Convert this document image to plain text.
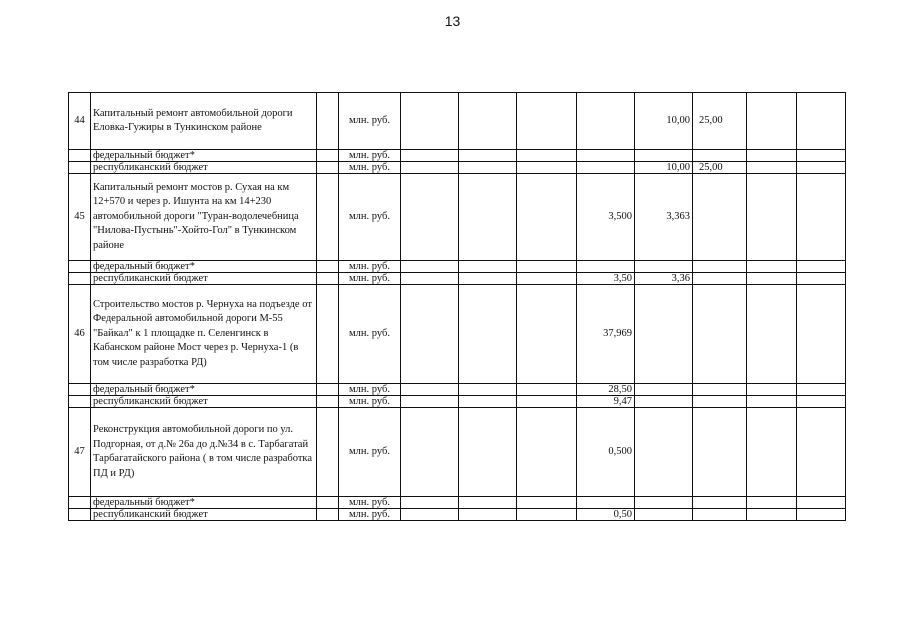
13
44	Капитальный ремонт автомобильной дороги Еловка-Гужиры в Тункинском районе		млн. руб.					10,00	25,00		
	федеральный бюджет*		млн. руб.								
	республиканский бюджет		млн. руб.					10,00	25,00		
45	Капитальный ремонт мостов р. Сухая на км 12+570 и через р. Ишунта на км 14+230 автомобильной дороги "Туран-водолечебница "Нилова-Пустынь"-Хойто-Гол" в Тункинском районе		млн. руб.				3,500	3,363			
	федеральный бюджет*		млн. руб.								
	республиканский бюджет		млн. руб.				3,50	3,36			
46	Строительство мостов р. Чернуха на подъезде от Федеральной автомобильной дороги М-55 "Байкал" к 1 площадке п. Селенгинск в Кабанском районе Мост через р. Чернуха-1 (в том числе разработка РД)		млн. руб.				37,969				
	федеральный бюджет*		млн. руб.				28,50				
	республиканский бюджет		млн. руб.				9,47				
47	Реконструкция автомобильной дороги по ул. Подгорная, от д.№ 26а до д.№34 в с. Тарбагатай Тарбагатайского района ( в том числе разработка ПД и РД)		млн. руб.				0,500				
	федеральный бюджет*		млн. руб.								
	республиканский бюджет		млн. руб.				0,50				
